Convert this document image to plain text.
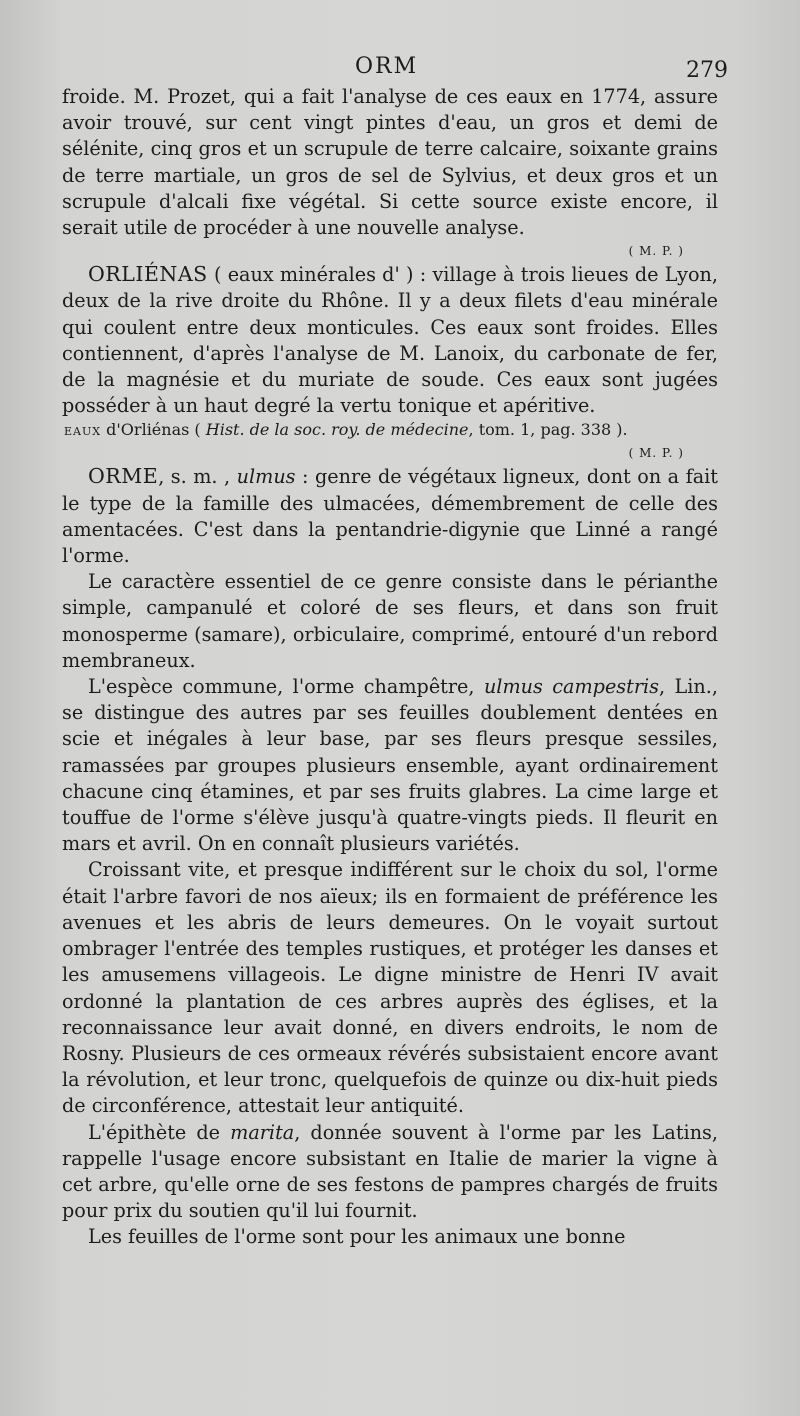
ORM	279

froide. M. Prozet, qui a fait l'analyse de ces eaux en 1774, assure avoir trouvé, sur cent vingt pintes d'eau, un gros et demi de sélénite, cinq gros et un scrupule de terre calcaire, soixante grains de terre martiale, un gros de sel de Sylvius, et deux gros et un scrupule d'alcali fixe végétal. Si cette source existe encore, il serait utile de procéder à une nouvelle analyse.

( M. P. )

ORLIÉNAS ( eaux minérales d' ) : village à trois lieues de Lyon, deux de la rive droite du Rhône. Il y a deux filets d'eau minérale qui coulent entre deux monticules. Ces eaux sont froides. Elles contiennent, d'après l'analyse de M. Lanoix, du carbonate de fer, de la magnésie et du muriate de soude. Ces eaux sont jugées posséder à un haut degré la vertu tonique et apéritive.

EAUX d'Orliénas ( Hist. de la soc. roy. de médecine, tom. 1, pag. 338 ).

( M. P. )

ORME, s. m. , ulmus : genre de végétaux ligneux, dont on a fait le type de la famille des ulmacées, démembrement de celle des amentacées. C'est dans la pentandrie-digynie que Linné a rangé l'orme.

Le caractère essentiel de ce genre consiste dans le périanthe simple, campanulé et coloré de ses fleurs, et dans son fruit monosperme (samare), orbiculaire, comprimé, entouré d'un rebord membraneux.

L'espèce commune, l'orme champêtre, ulmus campestris, Lin., se distingue des autres par ses feuilles doublement dentées en scie et inégales à leur base, par ses fleurs presque sessiles, ramassées par groupes plusieurs ensemble, ayant ordinairement chacune cinq étamines, et par ses fruits glabres. La cime large et touffue de l'orme s'élève jusqu'à quatre-vingts pieds. Il fleurit en mars et avril. On en connaît plusieurs variétés.

Croissant vite, et presque indifférent sur le choix du sol, l'orme était l'arbre favori de nos aïeux; ils en formaient de préférence les avenues et les abris de leurs demeures. On le voyait surtout ombrager l'entrée des temples rustiques, et protéger les danses et les amusemens villageois. Le digne ministre de Henri IV avait ordonné la plantation de ces arbres auprès des églises, et la reconnaissance leur avait donné, en divers endroits, le nom de Rosny. Plusieurs de ces ormeaux révérés subsistaient encore avant la révolution, et leur tronc, quelquefois de quinze ou dix-huit pieds de circonférence, attestait leur antiquité.

L'épithète de marita, donnée souvent à l'orme par les Latins, rappelle l'usage encore subsistant en Italie de marier la vigne à cet arbre, qu'elle orne de ses festons de pampres chargés de fruits pour prix du soutien qu'il lui fournit.

Les feuilles de l'orme sont pour les animaux une bonne
